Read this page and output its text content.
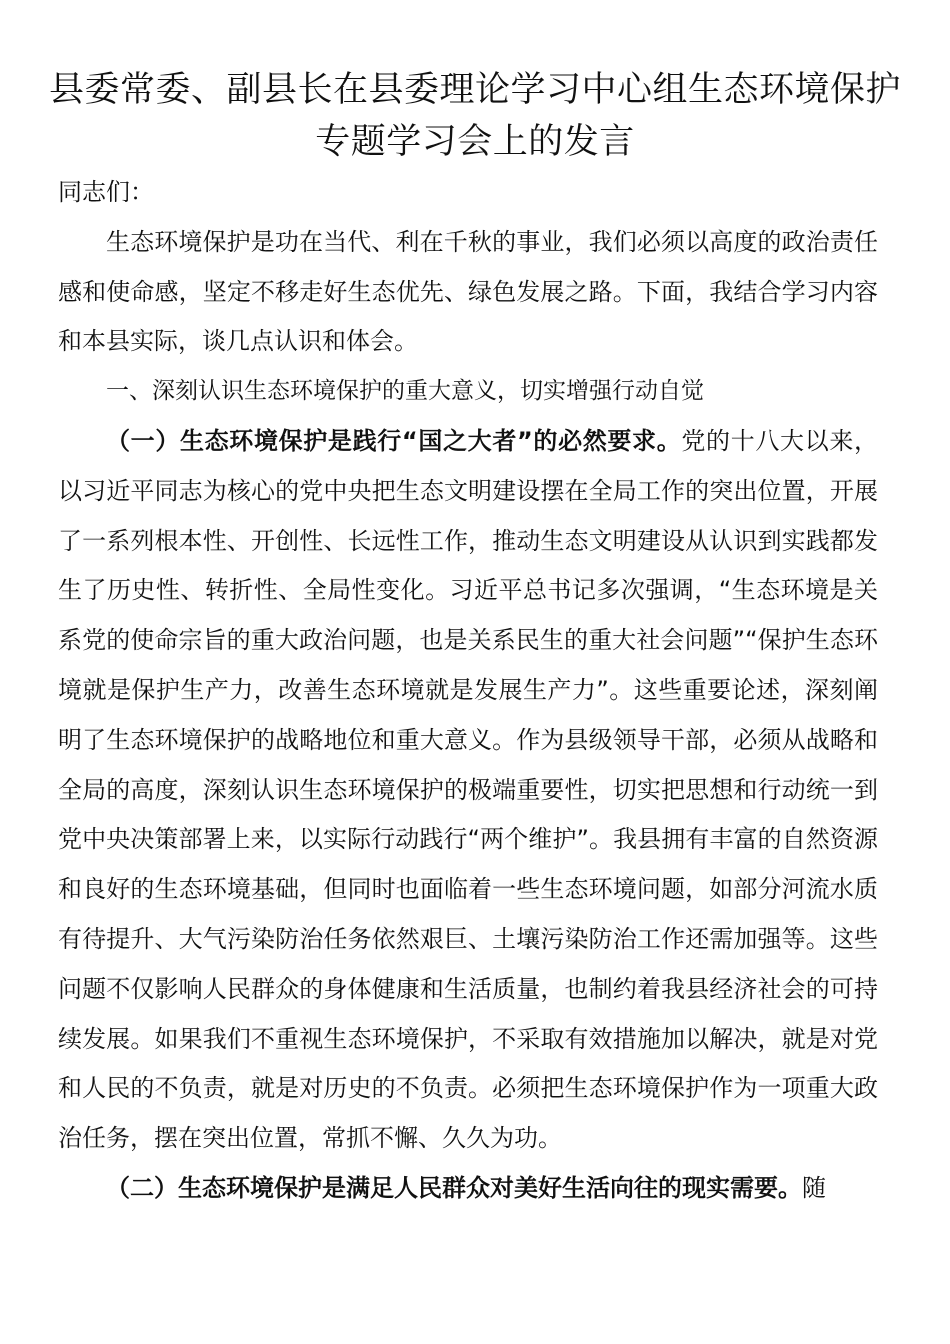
县委常委、副县长在县委理论学习中心组生态环境保护专题学习会上的发言

同志们：

生态环境保护是功在当代、利在千秋的事业，我们必须以高度的政治责任感和使命感，坚定不移走好生态优先、绿色发展之路。下面，我结合学习内容和本县实际，谈几点认识和体会。

一、深刻认识生态环境保护的重大意义，切实增强行动自觉

（一）生态环境保护是践行“国之大者”的必然要求。党的十八大以来，以习近平同志为核心的党中央把生态文明建设摆在全局工作的突出位置，开展了一系列根本性、开创性、长远性工作，推动生态文明建设从认识到实践都发生了历史性、转折性、全局性变化。习近平总书记多次强调，“生态环境是关系党的使命宗旨的重大政治问题，也是关系民生的重大社会问题”“保护生态环境就是保护生产力，改善生态环境就是发展生产力”。这些重要论述，深刻阐明了生态环境保护的战略地位和重大意义。作为县级领导干部，必须从战略和全局的高度，深刻认识生态环境保护的极端重要性，切实把思想和行动统一到党中央决策部署上来，以实际行动践行“两个维护”。我县拥有丰富的自然资源和良好的生态环境基础，但同时也面临着一些生态环境问题，如部分河流水质有待提升、大气污染防治任务依然艰巨、土壤污染防治工作还需加强等。这些问题不仅影响人民群众的身体健康和生活质量，也制约着我县经济社会的可持续发展。如果我们不重视生态环境保护，不采取有效措施加以解决，就是对党和人民的不负责，就是对历史的不负责。必须把生态环境保护作为一项重大政治任务，摆在突出位置，常抓不懈、久久为功。

（二）生态环境保护是满足人民群众对美好生活向往的现实需要。随
